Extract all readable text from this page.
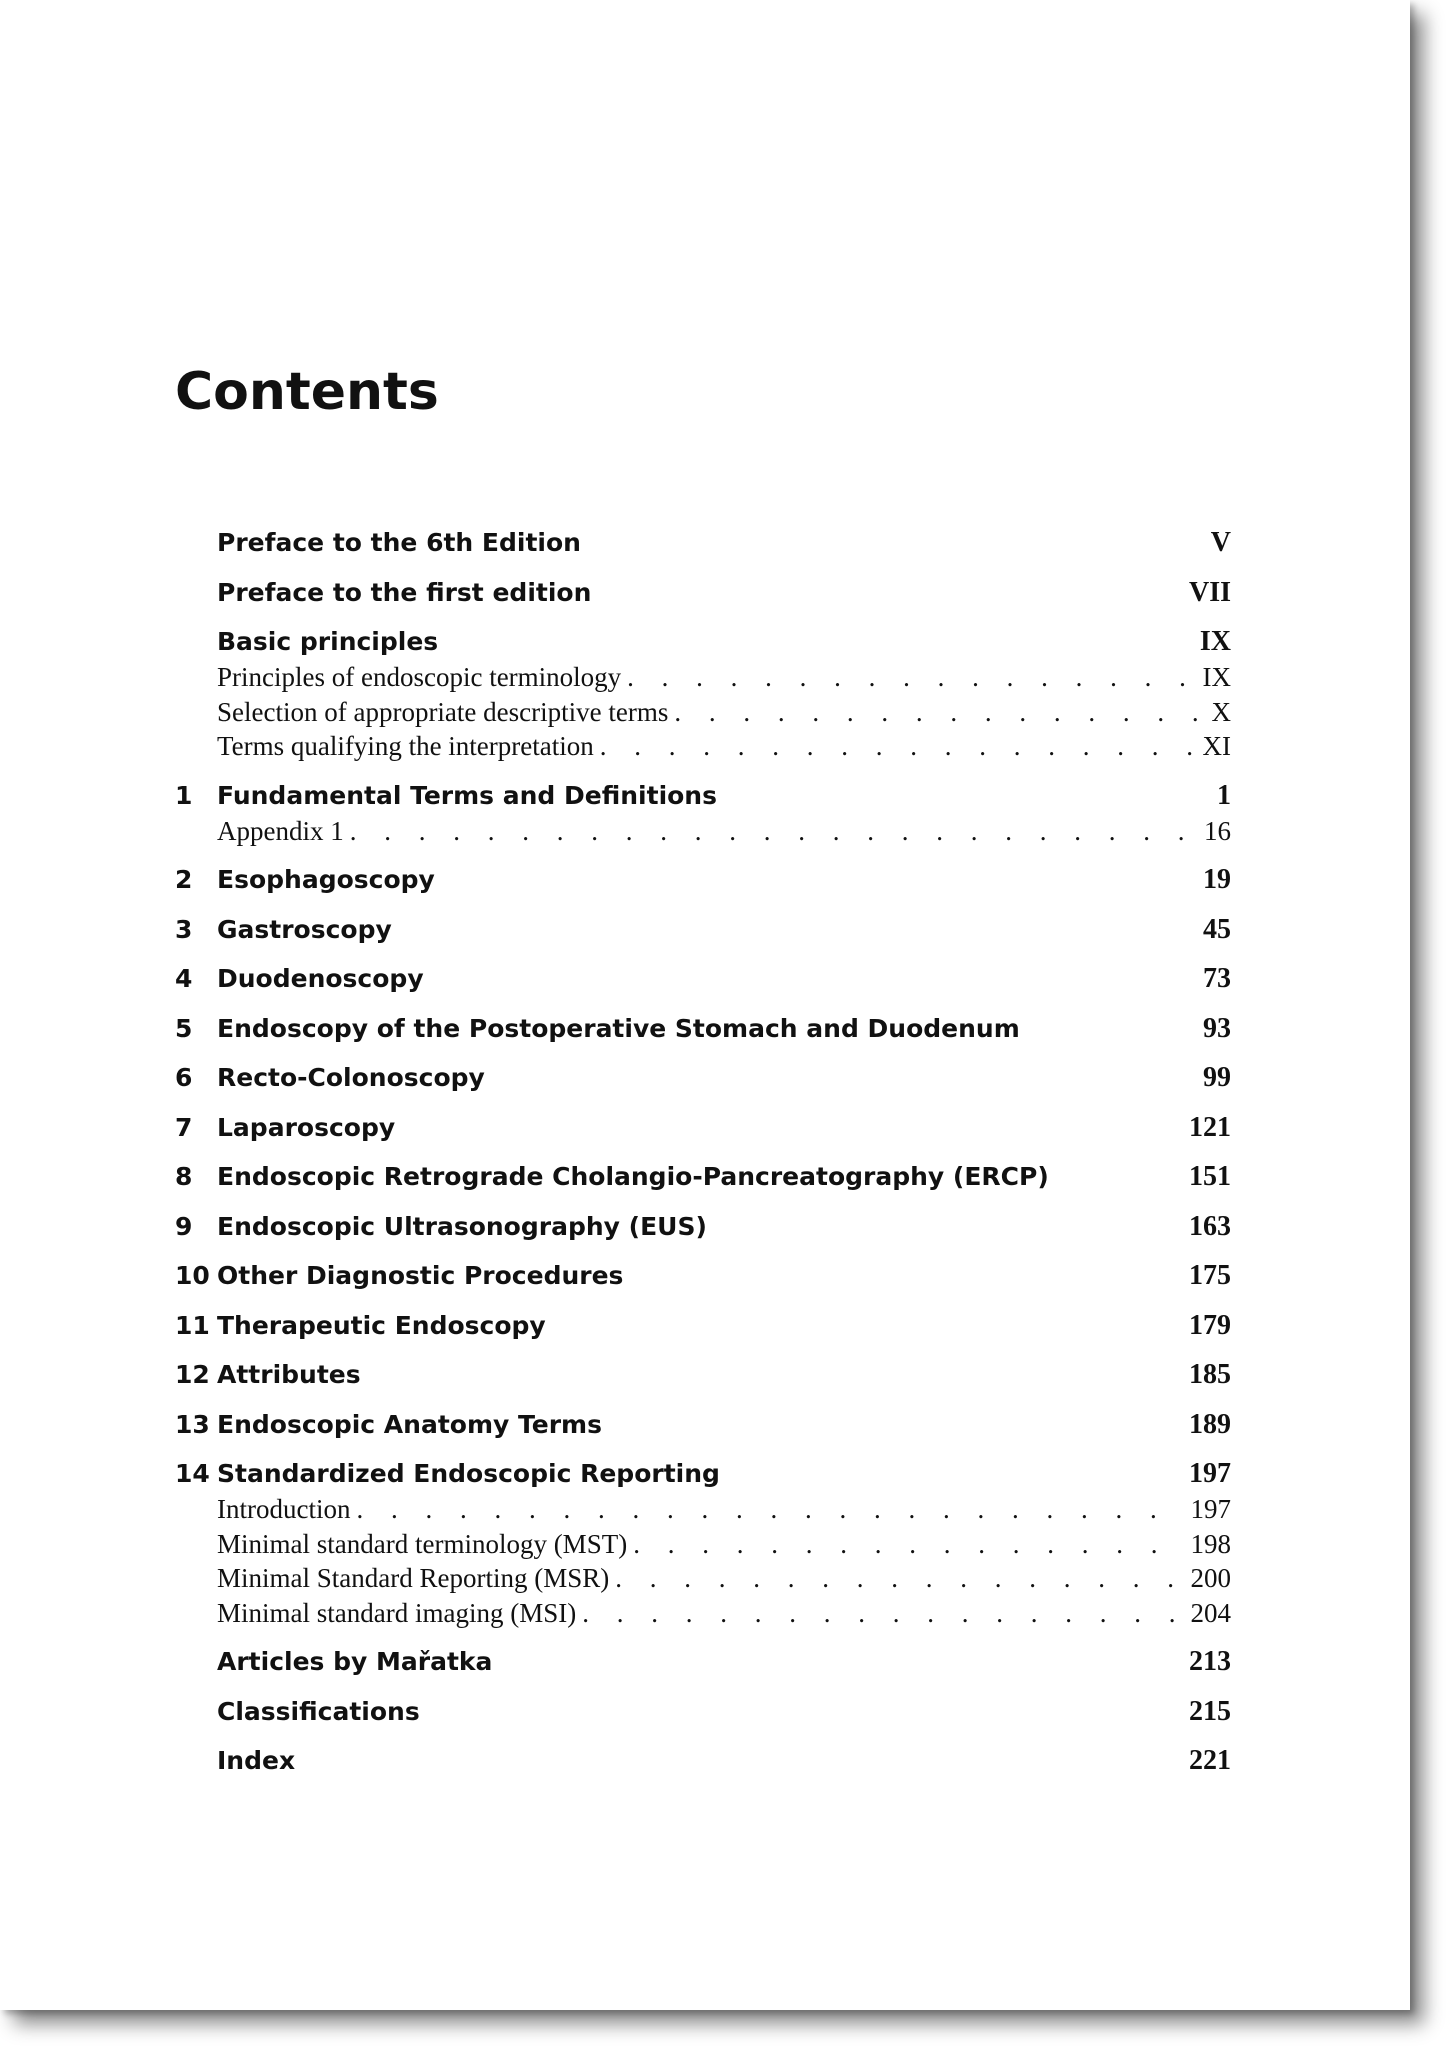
Contents
Preface to the 6th Edition	V
Preface to the first edition	VII
Basic principles	IX
Principles of endoscopic terminology . . .	IX
Selection of appropriate descriptive terms . . .	X
Terms qualifying the interpretation . . .	XI
1 Fundamental Terms and Definitions	1
Appendix 1 . . .	16
2 Esophagoscopy	19
3 Gastroscopy	45
4 Duodenoscopy	73
5 Endoscopy of the Postoperative Stomach and Duodenum	93
6 Recto-Colonoscopy	99
7 Laparoscopy	121
8 Endoscopic Retrograde Cholangio-Pancreatography (ERCP)	151
9 Endoscopic Ultrasonography (EUS)	163
10 Other Diagnostic Procedures	175
11 Therapeutic Endoscopy	179
12 Attributes	185
13 Endoscopic Anatomy Terms	189
14 Standardized Endoscopic Reporting	197
Introduction . . .	197
Minimal standard terminology (MST) . . .	198
Minimal Standard Reporting (MSR) . . .	200
Minimal standard imaging (MSI) . . .	204
Articles by Mařatka	213
Classifications	215
Index	221
